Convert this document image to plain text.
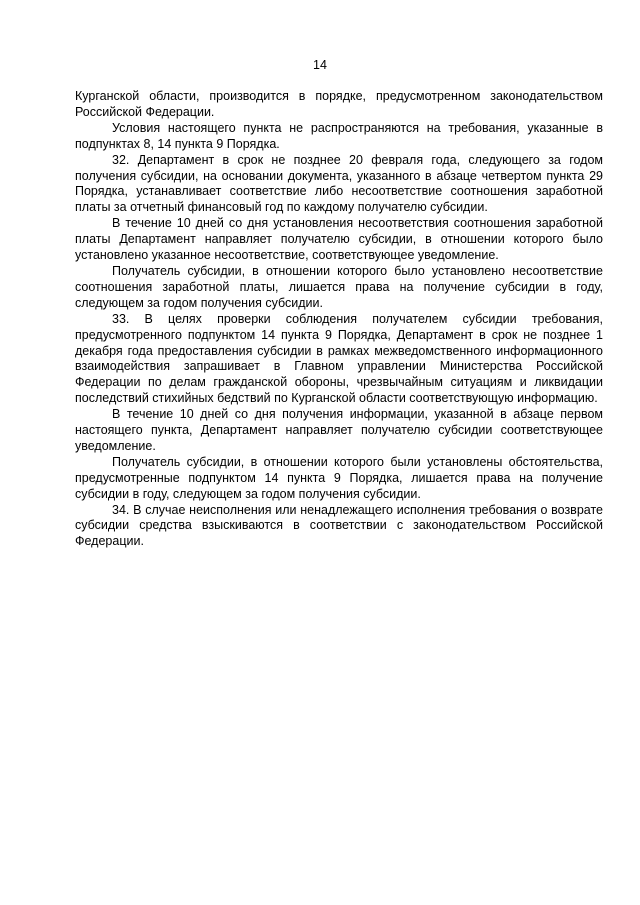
14

Курганской области, производится в порядке, предусмотренном законодательством Российской Федерации.

Условия настоящего пункта не распространяются на требования, указанные в подпунктах 8, 14 пункта 9 Порядка.

32. Департамент в срок не позднее 20 февраля года, следующего за годом получения субсидии, на основании документа, указанного в абзаце четвертом пункта 29 Порядка, устанавливает соответствие либо несоответствие соотношения заработной платы за отчетный финансовый год по каждому получателю субсидии.

В течение 10 дней со дня установления несоответствия соотношения заработной платы Департамент направляет получателю субсидии, в отношении которого было установлено указанное несоответствие, соответствующее уведомление.

Получатель субсидии, в отношении которого было установлено несоответствие соотношения заработной платы, лишается права на получение субсидии в году, следующем за годом получения субсидии.

33. В целях проверки соблюдения получателем субсидии требования, предусмотренного подпунктом 14 пункта 9 Порядка, Департамент в срок не позднее 1 декабря года предоставления субсидии в рамках межведомственного информационного взаимодействия запрашивает в Главном управлении Министерства Российской Федерации по делам гражданской обороны, чрезвычайным ситуациям и ликвидации последствий стихийных бедствий по Курганской области соответствующую информацию.

В течение 10 дней со дня получения информации, указанной в абзаце первом настоящего пункта, Департамент направляет получателю субсидии соответствующее уведомление.

Получатель субсидии, в отношении которого были установлены обстоятельства, предусмотренные подпунктом 14 пункта 9 Порядка, лишается права на получение субсидии в году, следующем за годом получения субсидии.

34. В случае неисполнения или ненадлежащего исполнения требования о возврате субсидии средства взыскиваются в соответствии с законодательством Российской Федерации.
